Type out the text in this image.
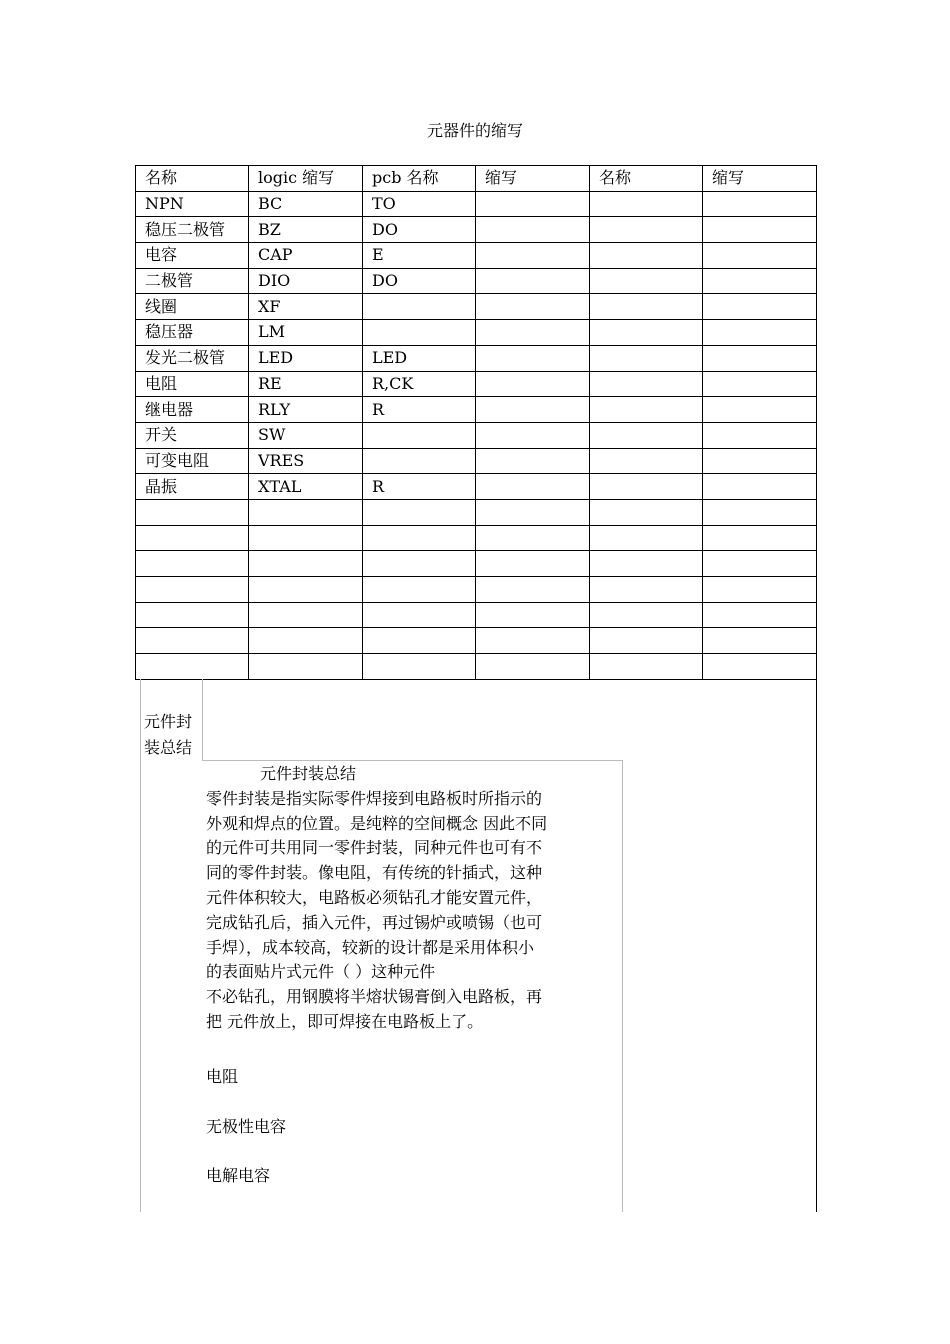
元器件的缩写
名称	logic 缩写	pcb 名称	缩写	名称	缩写
NPN	BC	TO			
稳压二极管	BZ	DO			
电容	CAP	E			
二极管	DIO	DO			
线圈	XF				
稳压器	LM				
发光二极管	LED	LED			
电阻	RE	R,CK			
继电器	RLY	R			
开关	SW				
可变电阻	VRES				
晶振	XTAL	R			

元件封
装总结
元件封装总结
零件封装是指实际零件焊接到电路板时所指示的
外观和焊点的位置。是纯粹的空间概念 因此不同
的元件可共用同一零件封装，同种元件也可有不
同的零件封装。像电阻，有传统的针插式，这种
元件体积较大，电路板必须钻孔才能安置元件，
完成钻孔后，插入元件，再过锡炉或喷锡（也可
手焊），成本较高，较新的设计都是采用体积小
的表面贴片式元件（ ）这种元件
不必钻孔，用钢膜将半熔状锡膏倒入电路板，再
把 元件放上，即可焊接在电路板上了。
电阻
无极性电容
电解电容
